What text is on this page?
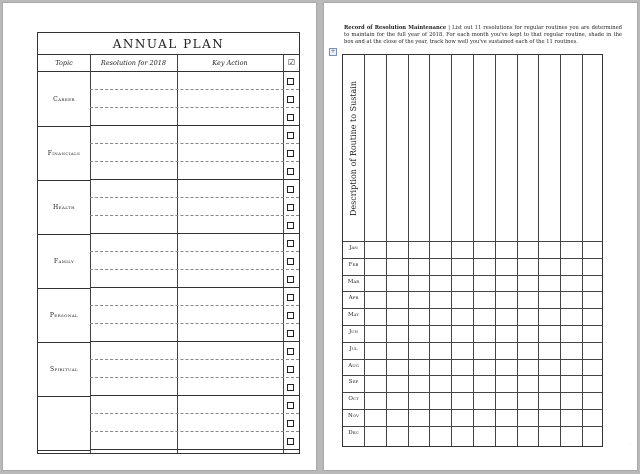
ANNUAL PLAN
Topic	Resolution for 2018	Key Action	☑
Career
Financials
Health
Family
Personal
Spiritual
Record of Resolution Maintenance | List out 11 resolutions for regular routines you are determined to maintain for the full year of 2018. For each month you've kept to that regular routine, shade in the box and at the close of the year, track how well you've sustained each of the 11 routines.
+
Description of Routine to Sustain
Jan
Feb
Mar
Apr
May
Jun
Jul
Aug
Sep
Oct
Nov
Dec
.
